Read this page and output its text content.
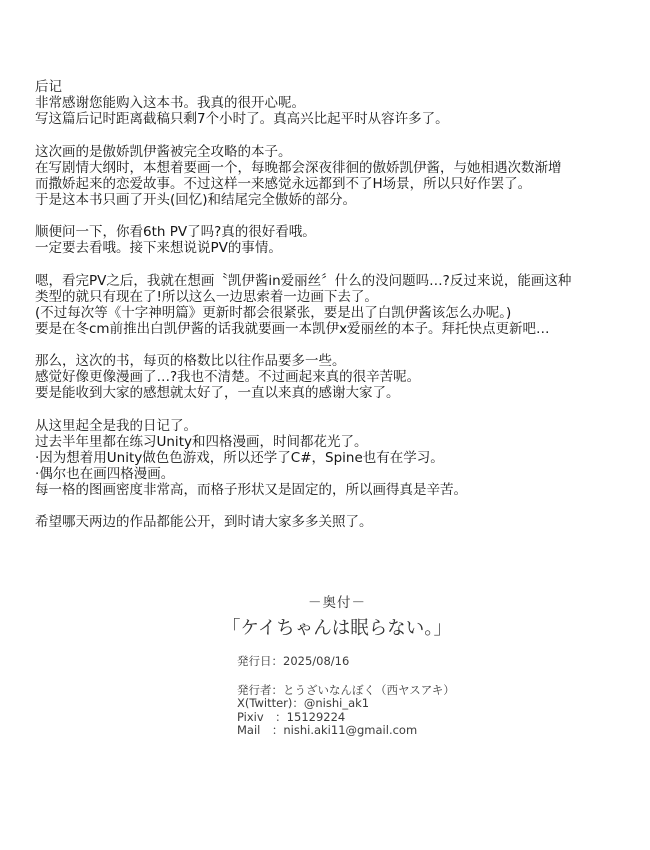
后记
非常感谢您能购入这本书。我真的很开心呢。
写这篇后记时距离截稿只剩7个小时了。真高兴比起平时从容许多了。
这次画的是傲娇凯伊酱被完全攻略的本子。
在写剧情大纲时，本想着要画一个，每晚都会深夜徘徊的傲娇凯伊酱，与她相遇次数渐增
而撒娇起来的恋爱故事。不过这样一来感觉永远都到不了H场景，所以只好作罢了。
于是这本书只画了开头(回忆)和结尾完全傲娇的部分。
顺便问一下，你看6th PV了吗?真的很好看哦。
一定要去看哦。接下来想说说PV的事情。
嗯，看完PV之后，我就在想画〝凯伊酱in爱丽丝〞什么的没问题吗…?反过来说，能画这种
类型的就只有现在了!所以这么一边思索着一边画下去了。
(不过每次等《十字神明篇》更新时都会很紧张，要是出了白凯伊酱该怎么办呢。)
要是在冬cm前推出白凯伊酱的话我就要画一本凯伊x爱丽丝的本子。拜托快点更新吧…
那么，这次的书，每页的格数比以往作品要多一些。
感觉好像更像漫画了…?我也不清楚。不过画起来真的很辛苦呢。
要是能收到大家的感想就太好了，一直以来真的感谢大家了。
从这里起全是我的日记了。
过去半年里都在练习Unity和四格漫画，时间都花光了。
·因为想着用Unity做色色游戏，所以还学了C#，Spine也有在学习。
·偶尔也在画四格漫画。
每一格的图画密度非常高，而格子形状又是固定的，所以画得真是辛苦。
希望哪天两边的作品都能公开，到时请大家多多关照了。
－奥付－
「ケイちゃんは眠らない。」
発行日：2025/08/16
発行者：とうざいなんぼく（西ヤスアキ）
X(Twitter)：@nishi_ak1
Pixiv　：15129224
Mail　：nishi.aki11@gmail.com
